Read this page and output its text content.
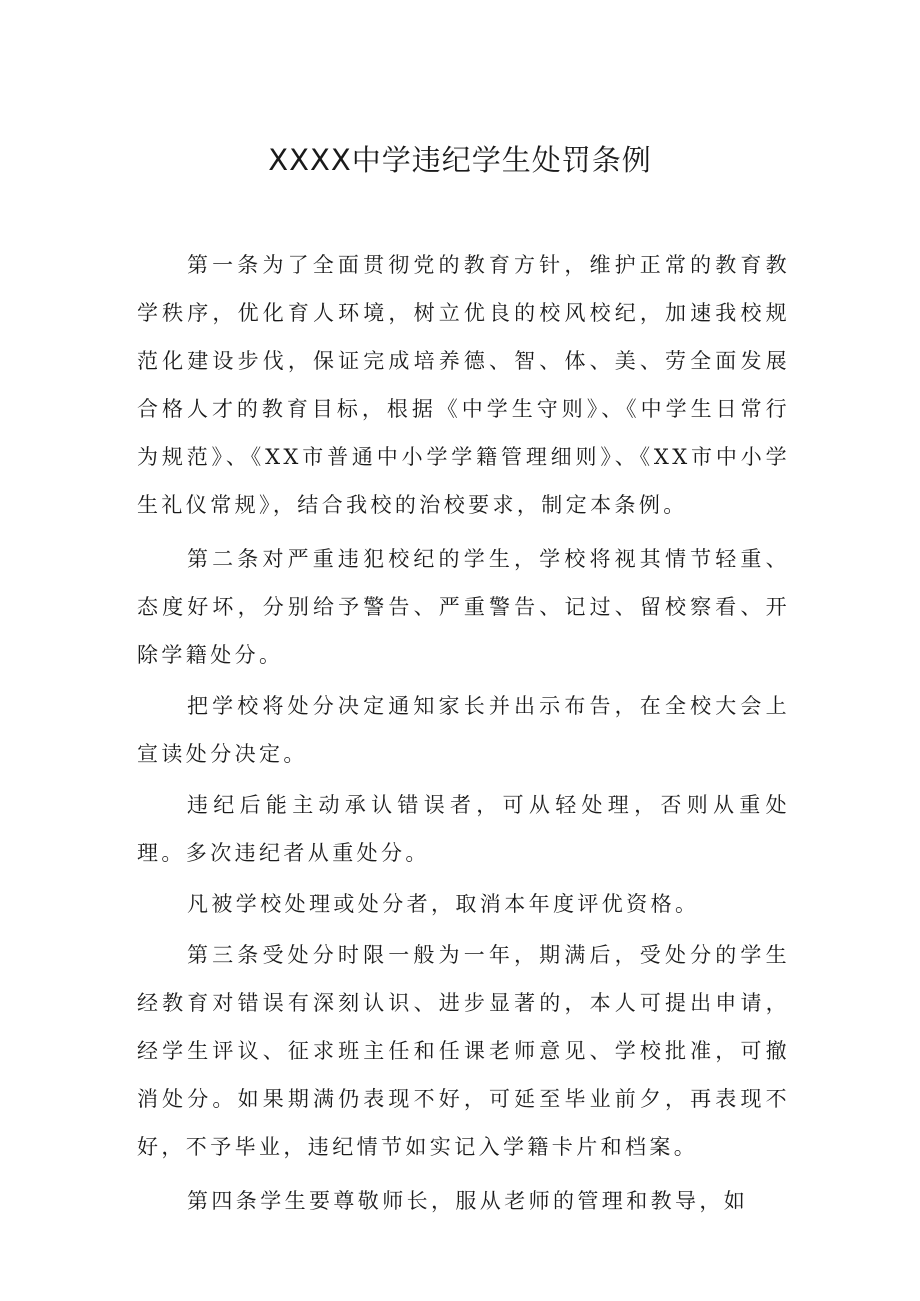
XXXX中学违纪学生处罚条例

第一条为了全面贯彻党的教育方针，维护正常的教育教学秩序，优化育人环境，树立优良的校风校纪，加速我校规范化建设步伐，保证完成培养德、智、体、美、劳全面发展合格人才的教育目标，根据《中学生守则》、《中学生日常行为规范》、《XX市普通中小学学籍管理细则》、《XX市中小学生礼仪常规》，结合我校的治校要求，制定本条例。

第二条对严重违犯校纪的学生，学校将视其情节轻重、态度好坏，分别给予警告、严重警告、记过、留校察看、开除学籍处分。

把学校将处分决定通知家长并出示布告，在全校大会上宣读处分决定。

违纪后能主动承认错误者，可从轻处理，否则从重处理。多次违纪者从重处分。

凡被学校处理或处分者，取消本年度评优资格。

第三条受处分时限一般为一年，期满后，受处分的学生经教育对错误有深刻认识、进步显著的，本人可提出申请，经学生评议、征求班主任和任课老师意见、学校批准，可撤消处分。如果期满仍表现不好，可延至毕业前夕，再表现不好，不予毕业，违纪情节如实记入学籍卡片和档案。

第四条学生要尊敬师长，服从老师的管理和教导，如
